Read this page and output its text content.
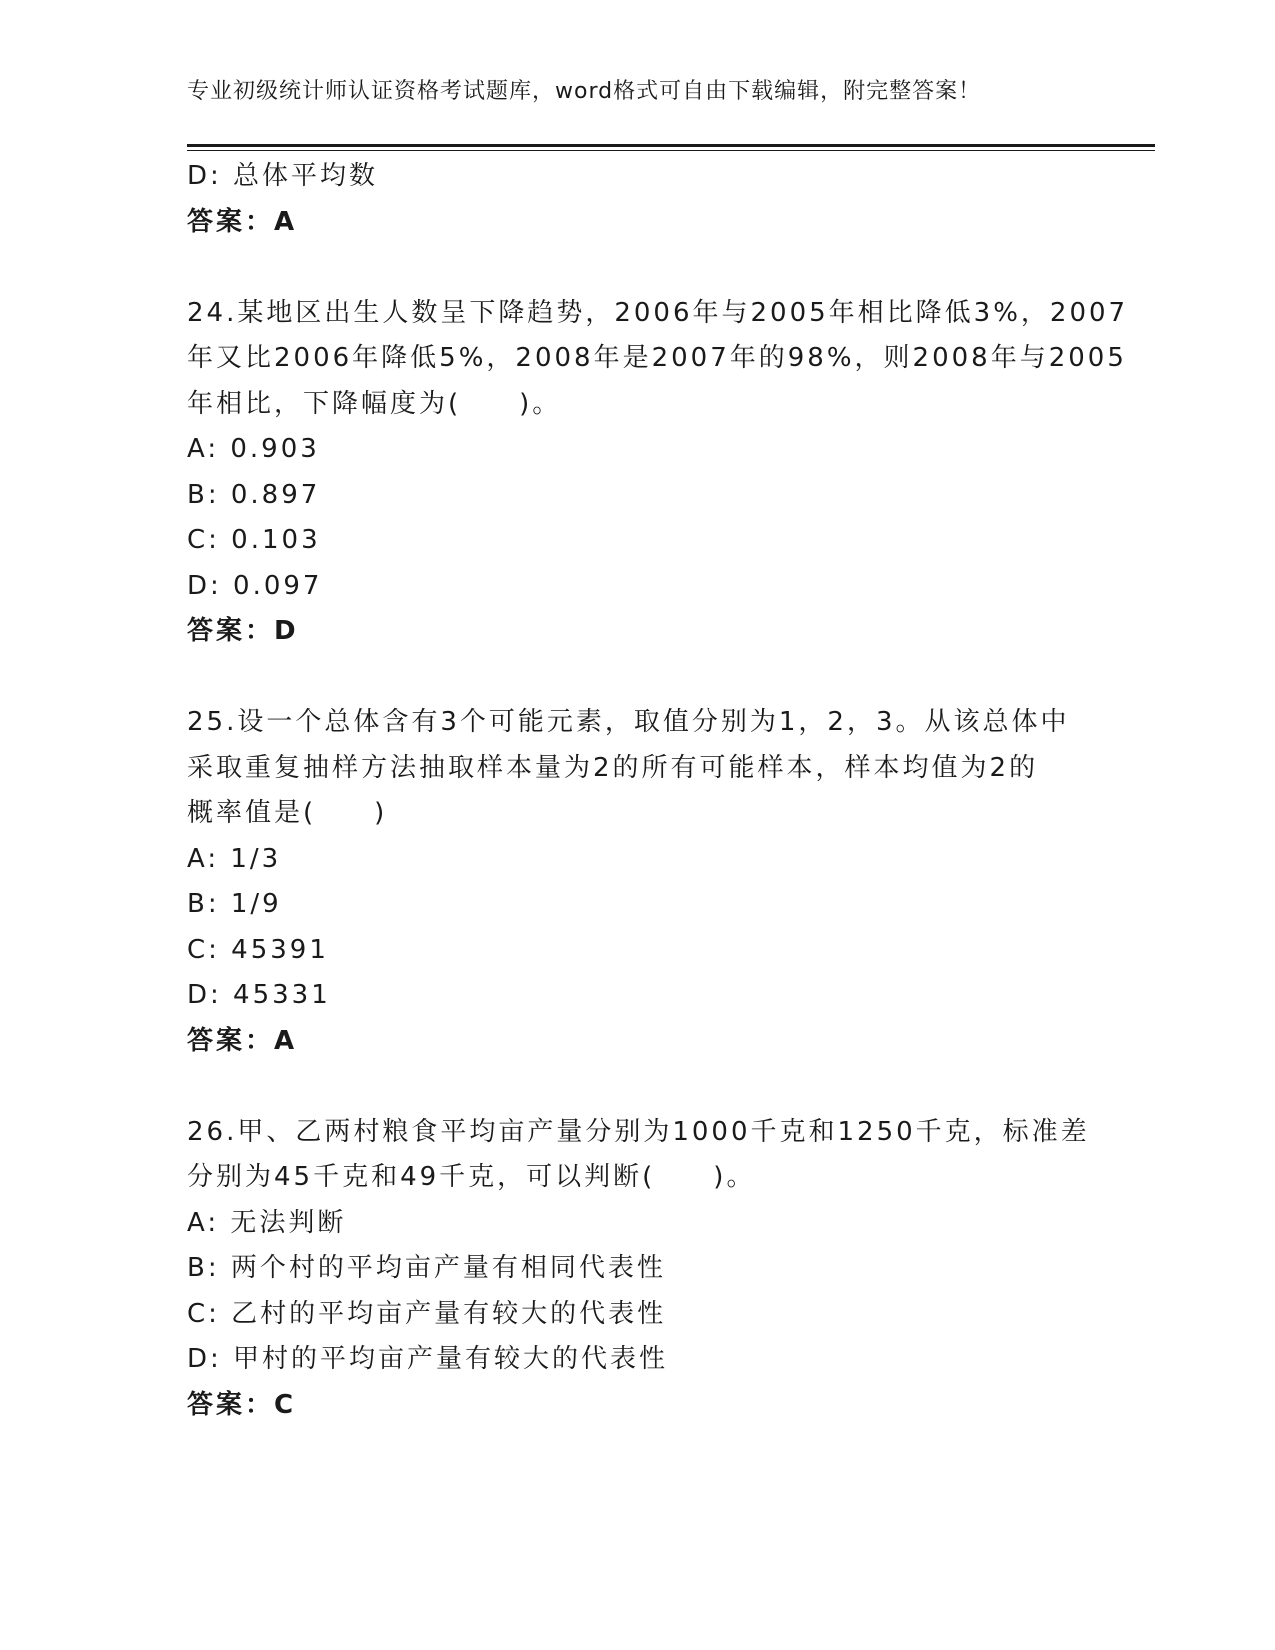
专业初级统计师认证资格考试题库，word格式可自由下载编辑，附完整答案！
D: 总体平均数
答案：A
24.某地区出生人数呈下降趋势，2006年与2005年相比降低3%，2007
年又比2006年降低5%，2008年是2007年的98%，则2008年与2005
年相比，下降幅度为(　　)。
A: 0.903
B: 0.897
C: 0.103
D: 0.097
答案：D
25.设一个总体含有3个可能元素，取值分别为1，2，3。从该总体中
采取重复抽样方法抽取样本量为2的所有可能样本，样本均值为2的
概率值是(　　)
A: 1/3
B: 1/9
C: 45391
D: 45331
答案：A
26.甲、乙两村粮食平均亩产量分别为1000千克和1250千克，标准差
分别为45千克和49千克，可以判断(　　)。
A: 无法判断
B: 两个村的平均亩产量有相同代表性
C: 乙村的平均亩产量有较大的代表性
D: 甲村的平均亩产量有较大的代表性
答案：C
